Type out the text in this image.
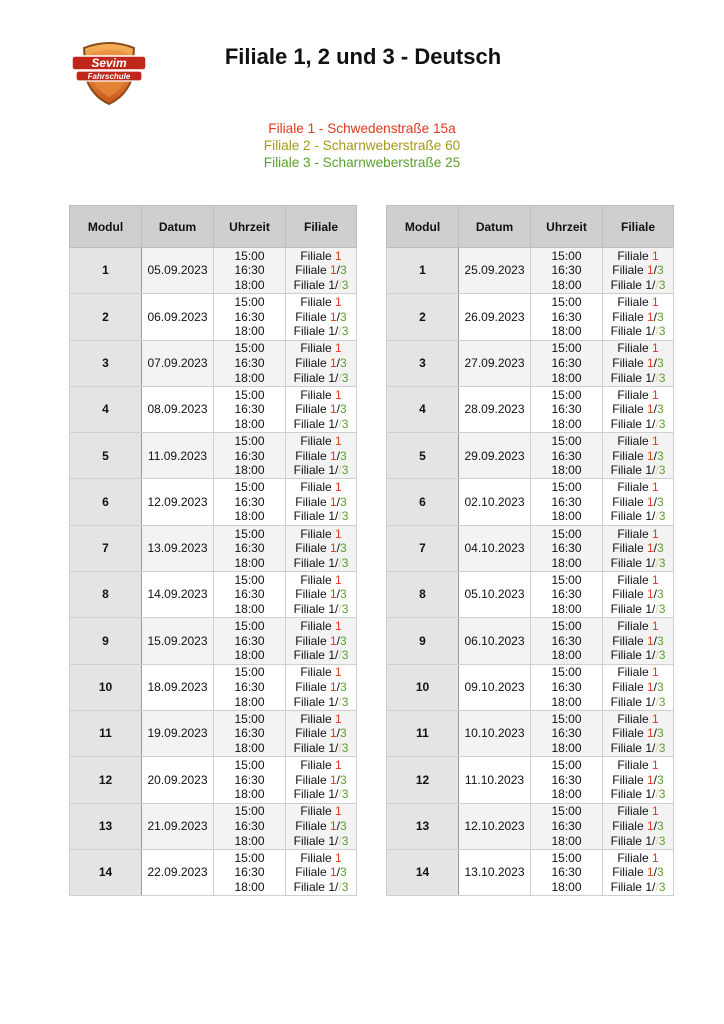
Sevim
Fahrschule
Filiale 1, 2 und 3 - Deutsch
Filiale 1 - Schwedenstraße 15a
Filiale 2 - Scharnweberstraße 60
Filiale 3 - Scharnweberstraße 25
Modul	Datum	Uhrzeit	Filiale
1	05.09.2023	15:00
16:30
18:00	Filiale 1
Filiale 1/3
Filiale 1//3

2	06.09.2023	15:00
16:30
18:00	Filiale 1
Filiale 1/3
Filiale 1//3

3	07.09.2023	15:00
16:30
18:00	Filiale 1
Filiale 1/3
Filiale 1//3

4	08.09.2023	15:00
16:30
18:00	Filiale 1
Filiale 1/3
Filiale 1//3

5	11.09.2023	15:00
16:30
18:00	Filiale 1
Filiale 1/3
Filiale 1//3

6	12.09.2023	15:00
16:30
18:00	Filiale 1
Filiale 1/3
Filiale 1//3

7	13.09.2023	15:00
16:30
18:00	Filiale 1
Filiale 1/3
Filiale 1//3

8	14.09.2023	15:00
16:30
18:00	Filiale 1
Filiale 1/3
Filiale 1//3

9	15.09.2023	15:00
16:30
18:00	Filiale 1
Filiale 1/3
Filiale 1//3

10	18.09.2023	15:00
16:30
18:00	Filiale 1
Filiale 1/3
Filiale 1//3

11	19.09.2023	15:00
16:30
18:00	Filiale 1
Filiale 1/3
Filiale 1//3

12	20.09.2023	15:00
16:30
18:00	Filiale 1
Filiale 1/3
Filiale 1//3

13	21.09.2023	15:00
16:30
18:00	Filiale 1
Filiale 1/3
Filiale 1//3

14	22.09.2023	15:00
16:30
18:00	Filiale 1
Filiale 1/3
Filiale 1//3
Modul	Datum	Uhrzeit	Filiale
1	25.09.2023	15:00
16:30
18:00	Filiale 1
Filiale 1/3
Filiale 1//3

2	26.09.2023	15:00
16:30
18:00	Filiale 1
Filiale 1/3
Filiale 1//3

3	27.09.2023	15:00
16:30
18:00	Filiale 1
Filiale 1/3
Filiale 1//3

4	28.09.2023	15:00
16:30
18:00	Filiale 1
Filiale 1/3
Filiale 1//3

5	29.09.2023	15:00
16:30
18:00	Filiale 1
Filiale 1/3
Filiale 1//3

6	02.10.2023	15:00
16:30
18:00	Filiale 1
Filiale 1/3
Filiale 1//3

7	04.10.2023	15:00
16:30
18:00	Filiale 1
Filiale 1/3
Filiale 1//3

8	05.10.2023	15:00
16:30
18:00	Filiale 1
Filiale 1/3
Filiale 1//3

9	06.10.2023	15:00
16:30
18:00	Filiale 1
Filiale 1/3
Filiale 1//3

10	09.10.2023	15:00
16:30
18:00	Filiale 1
Filiale 1/3
Filiale 1//3

11	10.10.2023	15:00
16:30
18:00	Filiale 1
Filiale 1/3
Filiale 1//3

12	11.10.2023	15:00
16:30
18:00	Filiale 1
Filiale 1/3
Filiale 1//3

13	12.10.2023	15:00
16:30
18:00	Filiale 1
Filiale 1/3
Filiale 1//3

14	13.10.2023	15:00
16:30
18:00	Filiale 1
Filiale 1/3
Filiale 1//3
